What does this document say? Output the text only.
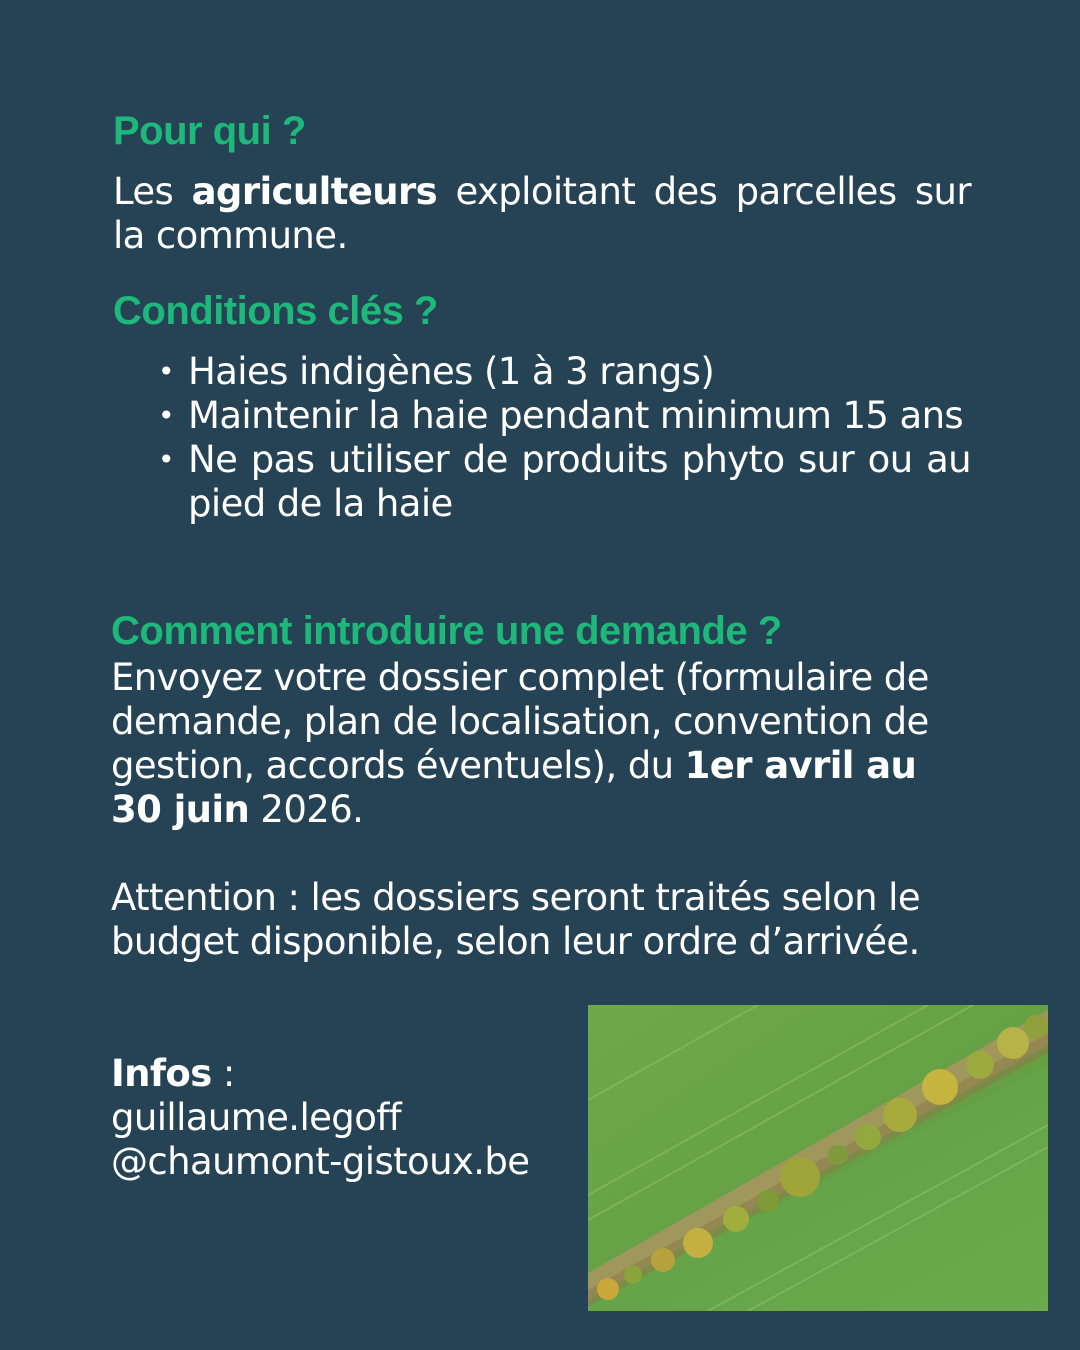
Pour qui ?

Les agriculteurs exploitant des parcelles sur la commune.

Conditions clés ?
• Haies indigènes (1 à 3 rangs)
• Maintenir la haie pendant minimum 15 ans
• Ne pas utiliser de produits phyto sur ou au pied de la haie
Comment introduire une demande ?

Envoyez votre dossier complet (formulaire de demande, plan de localisation, convention de gestion, accords éventuels), du 1er avril au 30 juin 2026.

Attention : les dossiers seront traités selon le budget disponible, selon leur ordre d’arrivée.

Infos :
guillaume.legoff
@chaumont-gistoux.be
